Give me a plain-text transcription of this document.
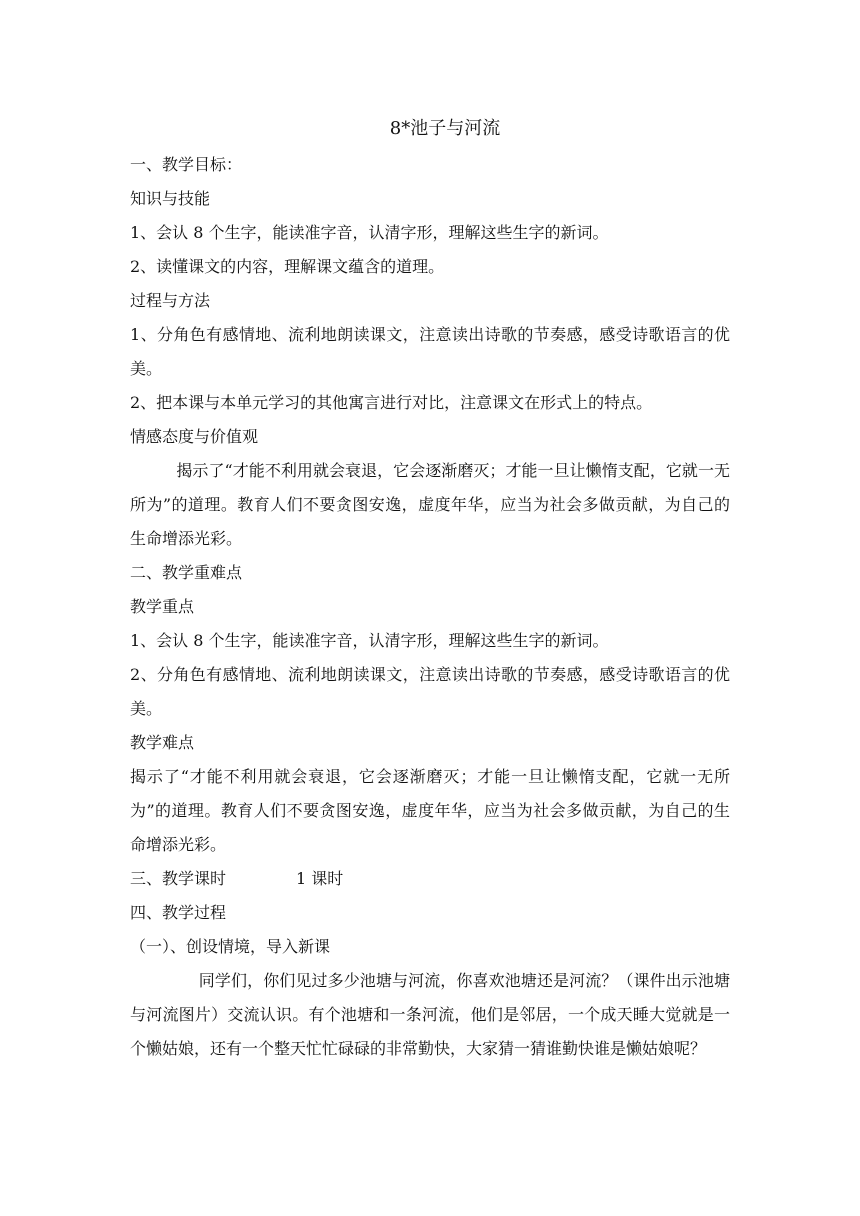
8*池子与河流

一、教学目标：

知识与技能

1、会认 8 个生字，能读准字音，认清字形，理解这些生字的新词。

2、读懂课文的内容，理解课文蕴含的道理。

过程与方法

1、分角色有感情地、流利地朗读课文，注意读出诗歌的节奏感，感受诗歌语言的优美。

2、把本课与本单元学习的其他寓言进行对比，注意课文在形式上的特点。

情感态度与价值观

揭示了“才能不利用就会衰退，它会逐渐磨灭；才能一旦让懒惰支配，它就一无所为”的道理。教育人们不要贪图安逸，虚度年华，应当为社会多做贡献，为自己的生命增添光彩。

二、教学重难点

教学重点

1、会认 8 个生字，能读准字音，认清字形，理解这些生字的新词。

2、分角色有感情地、流利地朗读课文，注意读出诗歌的节奏感，感受诗歌语言的优美。

教学难点

揭示了“才能不利用就会衰退，它会逐渐磨灭；才能一旦让懒惰支配，它就一无所为”的道理。教育人们不要贪图安逸，虚度年华，应当为社会多做贡献，为自己的生命增添光彩。

三、教学课时	1 课时

四、教学过程

（一）、创设情境，导入新课

同学们，你们见过多少池塘与河流，你喜欢池塘还是河流？（课件出示池塘与河流图片）交流认识。有个池塘和一条河流，他们是邻居，一个成天睡大觉就是一个懒姑娘，还有一个整天忙忙碌碌的非常勤快，大家猜一猜谁勤快谁是懒姑娘呢？
